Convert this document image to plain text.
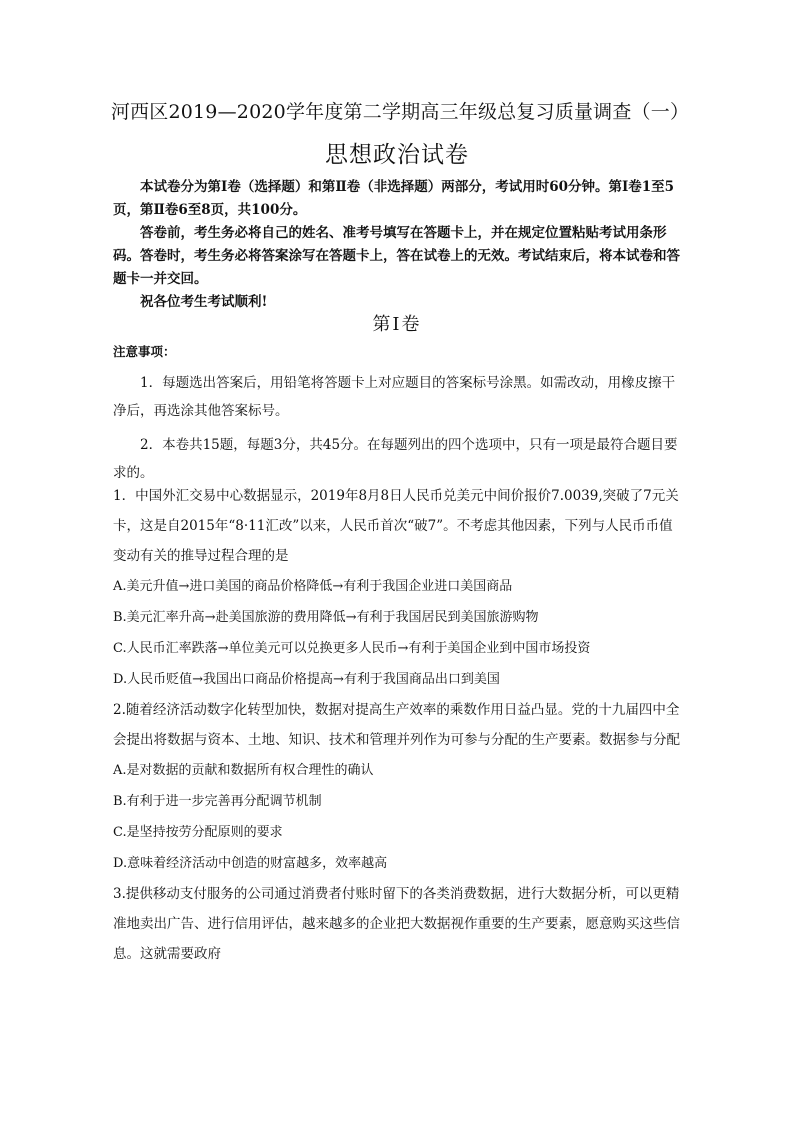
河西区2019—2020学年度第二学期高三年级总复习质量调查（一）
思想政治试卷

本试卷分为第Ⅰ卷（选择题）和第Ⅱ卷（非选择题）两部分，考试用时60分钟。第Ⅰ卷1至5页，第Ⅱ卷6至8页，共100分。

答卷前，考生务必将自己的姓名、准考号填写在答题卡上，并在规定位置粘贴考试用条形码。答卷时，考生务必将答案涂写在答题卡上，答在试卷上的无效。考试结束后，将本试卷和答题卡一并交回。

祝各位考生考试顺利!

第Ⅰ卷

注意事项：

1．每题选出答案后，用铅笔将答题卡上对应题目的答案标号涂黑。如需改动，用橡皮擦干净后，再选涂其他答案标号。

2．本卷共15题，每题3分，共45分。在每题列出的四个选项中，只有一项是最符合题目要求的。

1．中国外汇交易中心数据显示，2019年8月8日人民币兑美元中间价报价7.0039,突破了7元关卡，这是自2015年“8·11汇改”以来，人民币首次“破7”。不考虑其他因素，下列与人民币币值变动有关的推导过程合理的是

A.美元升值→进口美国的商品价格降低→有利于我国企业进口美国商品

B.美元汇率升高→赴美国旅游的费用降低→有利于我国居民到美国旅游购物

C.人民币汇率跌落→单位美元可以兑换更多人民币→有利于美国企业到中国市场投资

D.人民币贬值→我国出口商品价格提高→有利于我国商品出口到美国

2.随着经济活动数字化转型加快，数据对提高生产效率的乘数作用日益凸显。党的十九届四中全会提出将数据与资本、土地、知识、技术和管理并列作为可参与分配的生产要素。数据参与分配

A.是对数据的贡献和数据所有权合理性的确认

B.有利于进一步完善再分配调节机制

C.是坚持按劳分配原则的要求

D.意味着经济活动中创造的财富越多，效率越高

3.提供移动支付服务的公司通过消费者付账时留下的各类消费数据，进行大数据分析，可以更精准地卖出广告、进行信用评估，越来越多的企业把大数据视作重要的生产要素，愿意购买这些信息。这就需要政府
